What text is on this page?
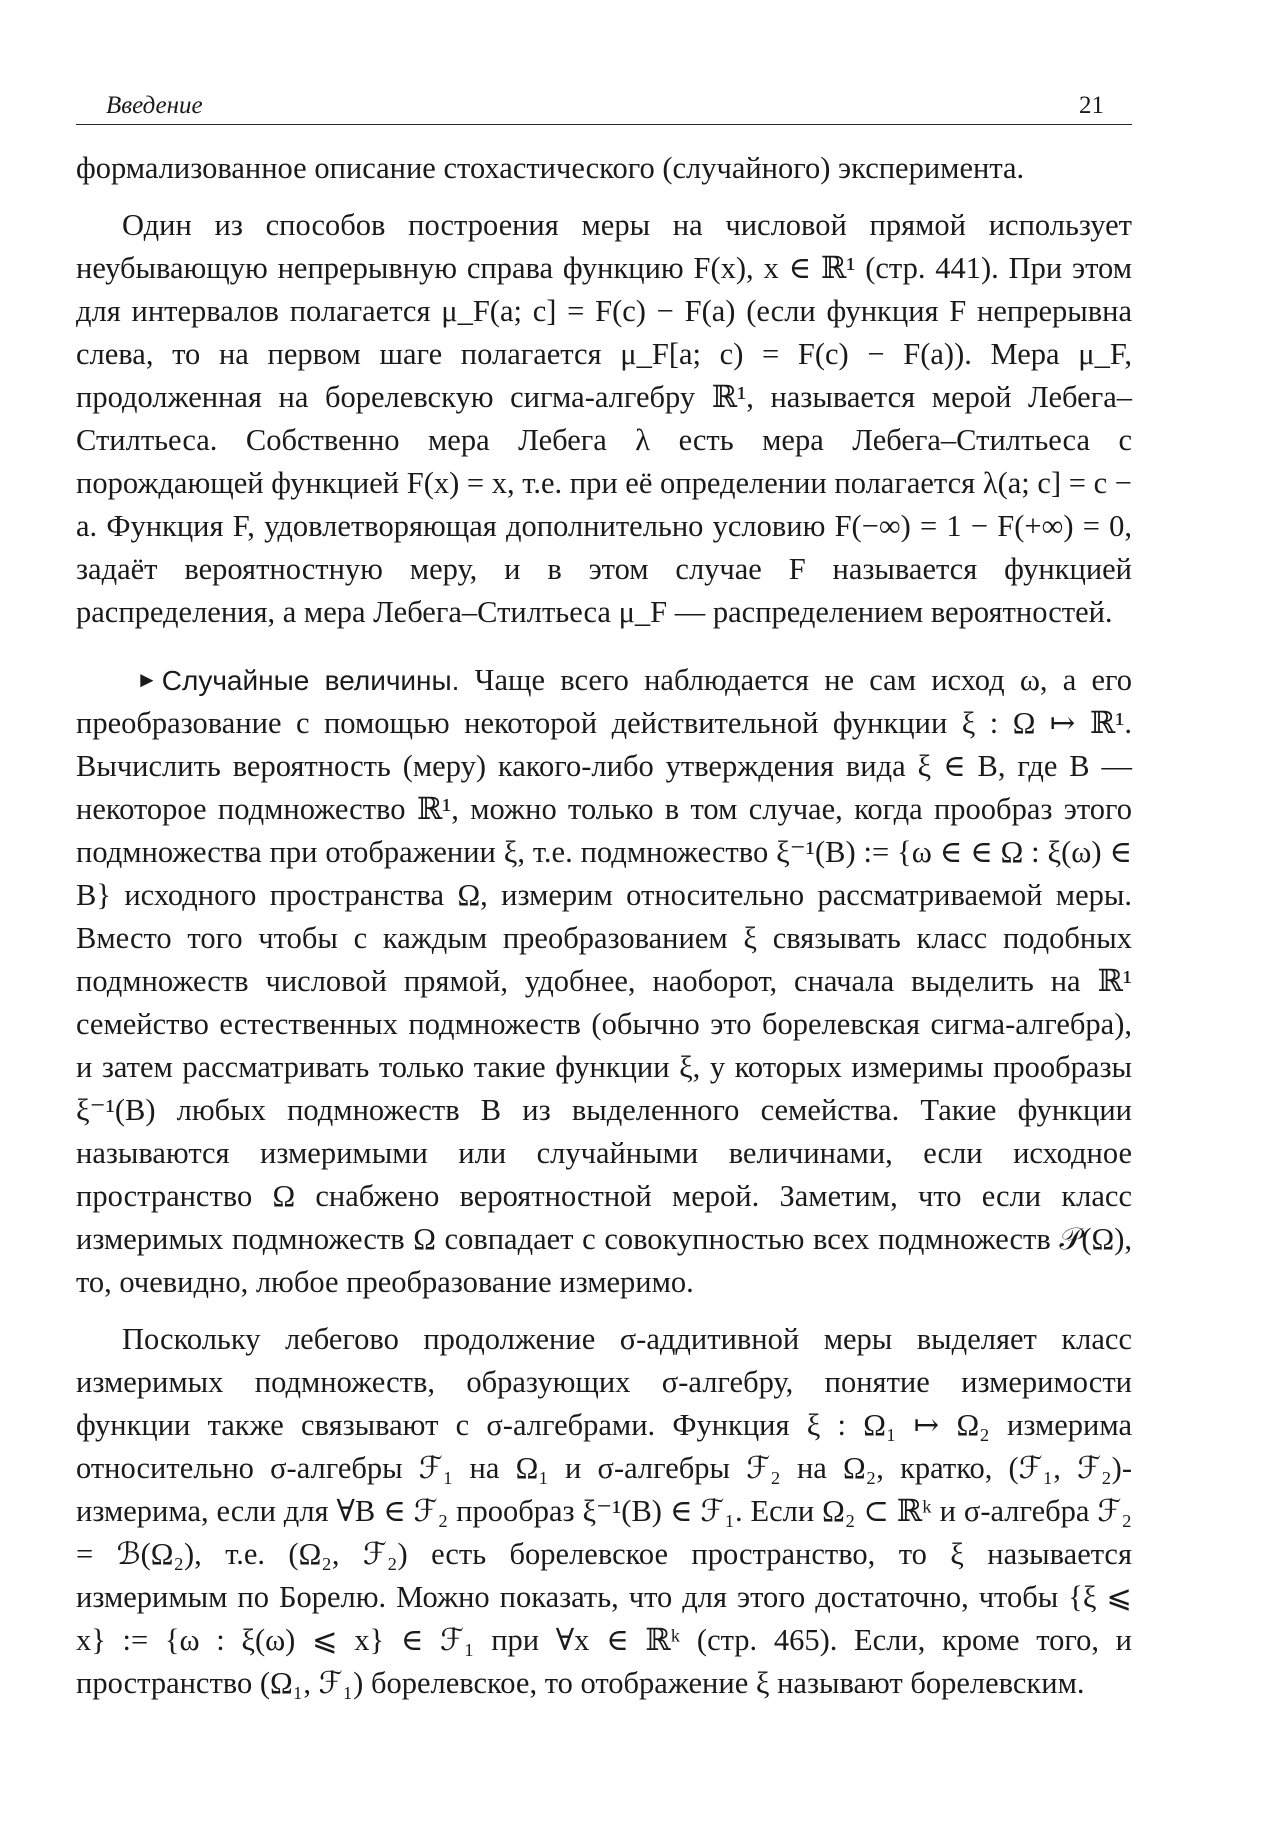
Введение	21

формализованное описание стохастического (случайного) эксперимента.

Один из способов построения меры на числовой прямой использует неубывающую непрерывную справа функцию F(x), x ∈ ℝ¹ (стр. 441). При этом для интервалов полагается μ_F(a; c] = F(c) − F(a) (если функция F непрерывна слева, то на первом шаге полагается μ_F[a; c) = F(c) − F(a)). Мера μ_F, продолженная на борелевскую сигма-алгебру ℝ¹, называется мерой Лебега–Стилтьеса. Собственно мера Лебега λ есть мера Лебега–Стилтьеса с порождающей функцией F(x) = x, т.е. при её определении полагается λ(a; c] = c − a. Функция F, удовлетворяющая дополнительно условию F(−∞) = 1 − F(+∞) = 0, задаёт вероятностную меру, и в этом случае F называется функцией распределения, а мера Лебега–Стилтьеса μ_F — распределением вероятностей.

► Случайные величины. Чаще всего наблюдается не сам исход ω, а его преобразование с помощью некоторой действительной функции ξ : Ω ↦ ℝ¹. Вычислить вероятность (меру) какого-либо утверждения вида ξ ∈ B, где B — некоторое подмножество ℝ¹, можно только в том случае, когда прообраз этого подмножества при отображении ξ, т.е. подмножество ξ⁻¹(B) := {ω ∈ ∈ Ω : ξ(ω) ∈ B} исходного пространства Ω, измерим относительно рассматриваемой меры. Вместо того чтобы с каждым преобразованием ξ связывать класс подобных подмножеств числовой прямой, удобнее, наоборот, сначала выделить на ℝ¹ семейство естественных подмножеств (обычно это борелевская сигма-алгебра), и затем рассматривать только такие функции ξ, у которых измеримы прообразы ξ⁻¹(B) любых подмножеств B из выделенного семейства. Такие функции называются измеримыми или случайными величинами, если исходное пространство Ω снабжено вероятностной мерой. Заметим, что если класс измеримых подмножеств Ω совпадает с совокупностью всех подмножеств 𝒫(Ω), то, очевидно, любое преобразование измеримо.

Поскольку лебегово продолжение σ-аддитивной меры выделяет класс измеримых подмножеств, образующих σ-алгебру, понятие измеримости функции также связывают с σ-алгебрами. Функция ξ : Ω₁ ↦ Ω₂ измерима относительно σ-алгебры ℱ₁ на Ω₁ и σ-алгебры ℱ₂ на Ω₂, кратко, (ℱ₁, ℱ₂)-измерима, если для ∀B ∈ ℱ₂ прообраз ξ⁻¹(B) ∈ ℱ₁. Если Ω₂ ⊂ ℝᵏ и σ-алгебра ℱ₂ = ℬ(Ω₂), т.е. (Ω₂, ℱ₂) есть борелевское пространство, то ξ называется измеримым по Борелю. Можно показать, что для этого достаточно, чтобы {ξ ⩽ x} := {ω : ξ(ω) ⩽ x} ∈ ℱ₁ при ∀x ∈ ℝᵏ (стр. 465). Если, кроме того, и пространство (Ω₁, ℱ₁) борелевское, то отображение ξ называют борелевским.
